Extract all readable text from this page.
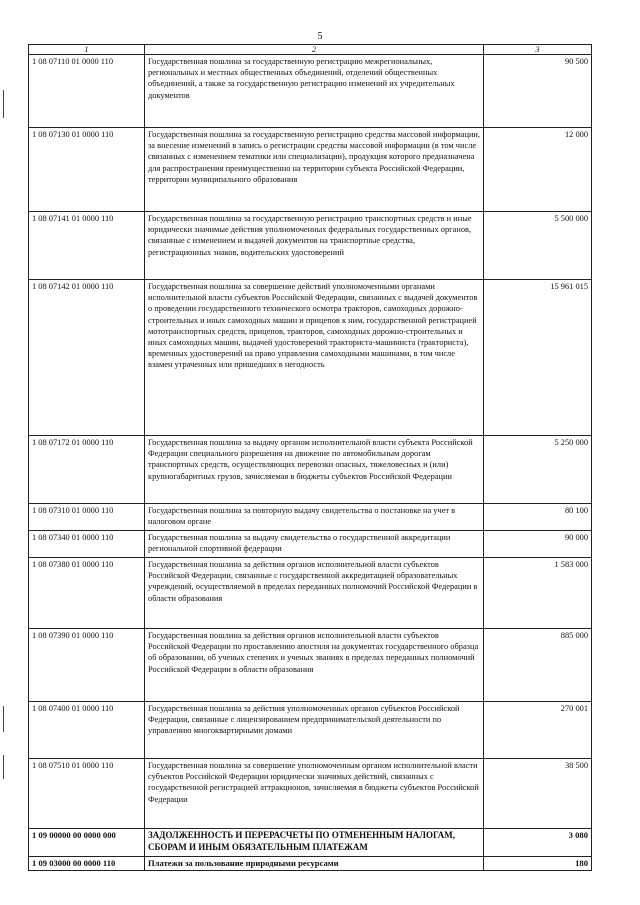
5
1	2	3
1 08 07110 01 0000 110	Государственная пошлина за государственную регистрацию межрегиональных, региональных и местных общественных объединений, отделений общественных объединений, а также за государственную регистрацию изменений их учредительных документов	90 500
1 08 07130 01 0000 110	Государственная пошлина за государственную регистрацию средства массовой информации, за внесение изменений в запись о регистрации средства массовой информации (в том числе связанных с изменением тематики или специализации), продукция которого предназначена для распространения преимущественно на территории субъекта Российской Федерации, территории муниципального образования	12 000
1 08 07141 01 0000 110	Государственная пошлина за государственную регистрацию транспортных средств и иные юридически значимые действия уполномоченных федеральных государственных органов, связанные с изменением и выдачей документов на транспортные средства, регистрационных знаков, водительских удостоверений	5 500 000
1 08 07142 01 0000 110	Государственная пошлина за совершение действий уполномоченными органами исполнительной власти субъектов Российской Федерации, связанных с выдачей документов о проведении государственного технического осмотра тракторов, самоходных дорожно-строительных и иных самоходных машин и прицепов к ним, государственной регистрацией мототранспортных средств, прицепов, тракторов, самоходных дорожно-строительных и иных самоходных машин, выдачей удостоверений тракториста-машиниста (тракториста), временных удостоверений на право управления самоходными машинами, в том числе взамен утраченных или пришедших в негодность	15 961 015
1 08 07172 01 0000 110	Государственная пошлина за выдачу органом исполнительной власти субъекта Российской Федерации специального разрешения на движение по автомобильным дорогам транспортных средств, осуществляющих перевозки опасных, тяжеловесных и (или) крупногабаритных грузов, зачисляемая в бюджеты субъектов Российской Федерации	5 250 000
1 08 07310 01 0000 110	Государственная пошлина за повторную выдачу свидетельства о постановке на учет в налоговом органе	80 100
1 08 07340 01 0000 110	Государственная пошлина за выдачу свидетельства о государственной аккредитации региональной спортивной федерации	90 000
1 08 07380 01 0000 110	Государственная пошлина за действия органов исполнительной власти субъектов Российской Федерации, связанные с государственной аккредитацией образовательных учреждений, осуществляемой в пределах переданных полномочий Российской Федерации в области образования	1 583 000
1 08 07390 01 0000 110	Государственная пошлина за действия органов исполнительной власти субъектов Российской Федерации по проставлению апостиля на документах государственного образца об образовании, об ученых степенях и ученых званиях в пределах переданных полномочий Российской Федерации в области образования	885 000
1 08 07400 01 0000 110	Государственная пошлина за действия уполномоченных органов субъектов Российской Федерации, связанные с лицензированием предпринимательской деятельности по управлению многоквартирными домами	270 001
1 08 07510 01 0000 110	Государственная пошлина за совершение уполномоченным органом исполнительной власти субъектов Российской Федерации юридически значимых действий, связанных с государственной регистрацией аттракционов, зачисляемая в бюджеты субъектов Российской Федерации	38 500
1 09 00000 00 0000 000	ЗАДОЛЖЕННОСТЬ И ПЕРЕРАСЧЕТЫ ПО ОТМЕНЕННЫМ НАЛОГАМ, СБОРАМ И ИНЫМ ОБЯЗАТЕЛЬНЫМ ПЛАТЕЖАМ	3 080
1 09 03000 00 0000 110	Платежи за пользование природными ресурсами	180
